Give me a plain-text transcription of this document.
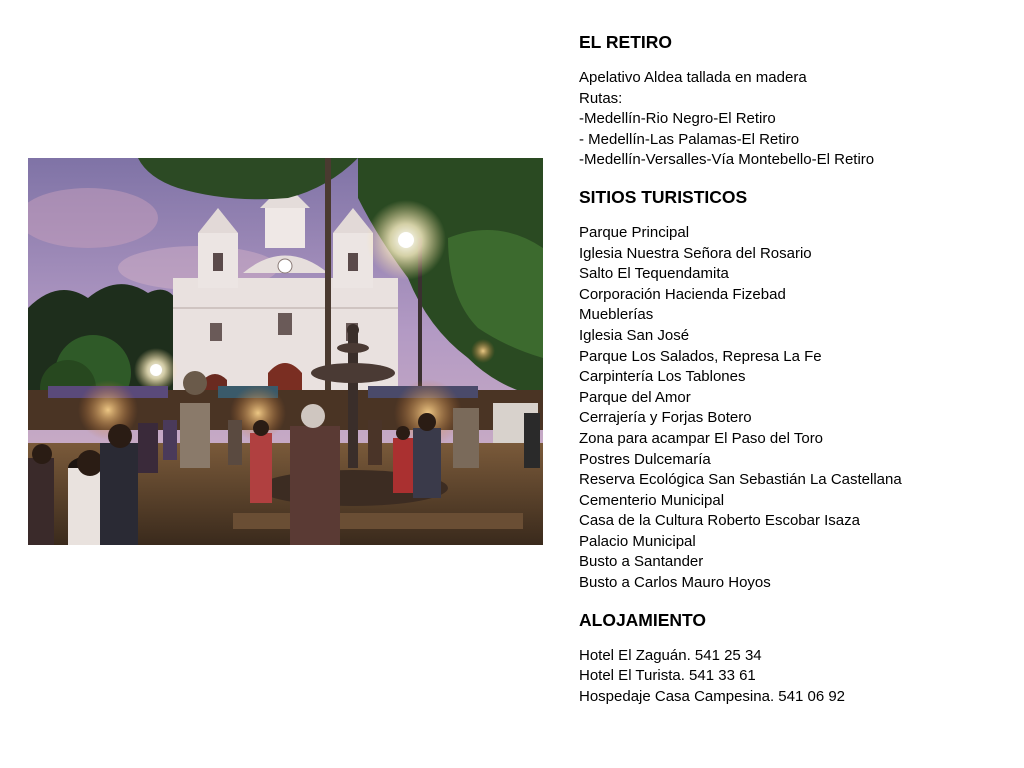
EL RETIRO
Apelativo Aldea tallada en madera
Rutas:
-Medellín-Rio Negro-El Retiro
- Medellín-Las Palamas-El Retiro
-Medellín-Versalles-Vía Montebello-El Retiro
SITIOS TURISTICOS
Parque Principal
Iglesia Nuestra Señora del Rosario
Salto El Tequendamita
Corporación Hacienda Fizebad
Mueblerías
Iglesia San José
Parque Los Salados, Represa La Fe
Carpintería Los Tablones
Parque del Amor
Cerrajería y Forjas Botero
Zona para acampar El Paso del Toro
Postres Dulcemaría
Reserva Ecológica San Sebastián La Castellana
Cementerio Municipal
Casa de la Cultura Roberto Escobar Isaza
Palacio Municipal
Busto a Santander
Busto a Carlos Mauro Hoyos
ALOJAMIENTO
Hotel El Zaguán. 541 25 34
Hotel El Turista. 541 33 61
Hospedaje Casa Campesina. 541 06 92
